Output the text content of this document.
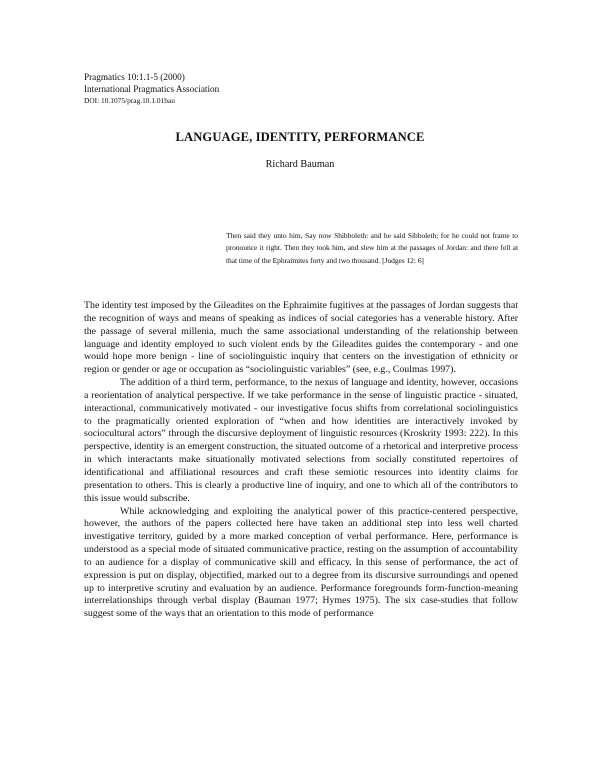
Pragmatics 10:1.1-5 (2000)
International Pragmatics Association
DOI: 10.1075/prag.10.1.01bau
LANGUAGE, IDENTITY, PERFORMANCE
Richard Bauman
Then said they unto him, Say now Shibboleth: and he said Sibboleth; for he could not frame to pronounce it right. Then they took him, and slew him at the passages of Jordan: and there fell at that time of the Ephraimites forty and two thousand. [Judges 12: 6]

The identity test imposed by the Gileadites on the Ephraimite fugitives at the passages of Jordan suggests that the recognition of ways and means of speaking as indices of social categories has a venerable history. After the passage of several millenia, much the same associational understanding of the relationship between language and identity employed to such violent ends by the Gileadites guides the contemporary - and one would hope more benign - line of sociolinguistic inquiry that centers on the investigation of ethnicity or region or gender or age or occupation as “sociolinguistic variables” (see, e.g., Coulmas 1997).

The addition of a third term, performance, to the nexus of language and identity, however, occasions a reorientation of analytical perspective. If we take performance in the sense of linguistic practice - situated, interactional, communicatively motivated - our investigative focus shifts from correlational sociolinguistics to the pragmatically oriented exploration of “when and how identities are interactively invoked by sociocultural actors” through the discursive deployment of linguistic resources (Kroskrity 1993: 222). In this perspective, identity is an emergent construction, the situated outcome of a rhetorical and interpretive process in which interactants make situationally motivated selections from socially constituted repertoires of identificational and affiliational resources and craft these semiotic resources into identity claims for presentation to others. This is clearly a productive line of inquiry, and one to which all of the contributors to this issue would subscribe.

While acknowledging and exploiting the analytical power of this practice-centered perspective, however, the authors of the papers collected here have taken an additional step into less well charted investigative territory, guided by a more marked conception of verbal performance. Here, performance is understood as a special mode of situated communicative practice, resting on the assumption of accountability to an audience for a display of communicative skill and efficacy. In this sense of performance, the act of expression is put on display, objectified, marked out to a degree from its discursive surroundings and opened up to interpretive scrutiny and evaluation by an audience. Performance foregrounds form-function-meaning interrelationships through verbal display (Bauman 1977; Hymes 1975). The six case-studies that follow suggest some of the ways that an orientation to this mode of performance
